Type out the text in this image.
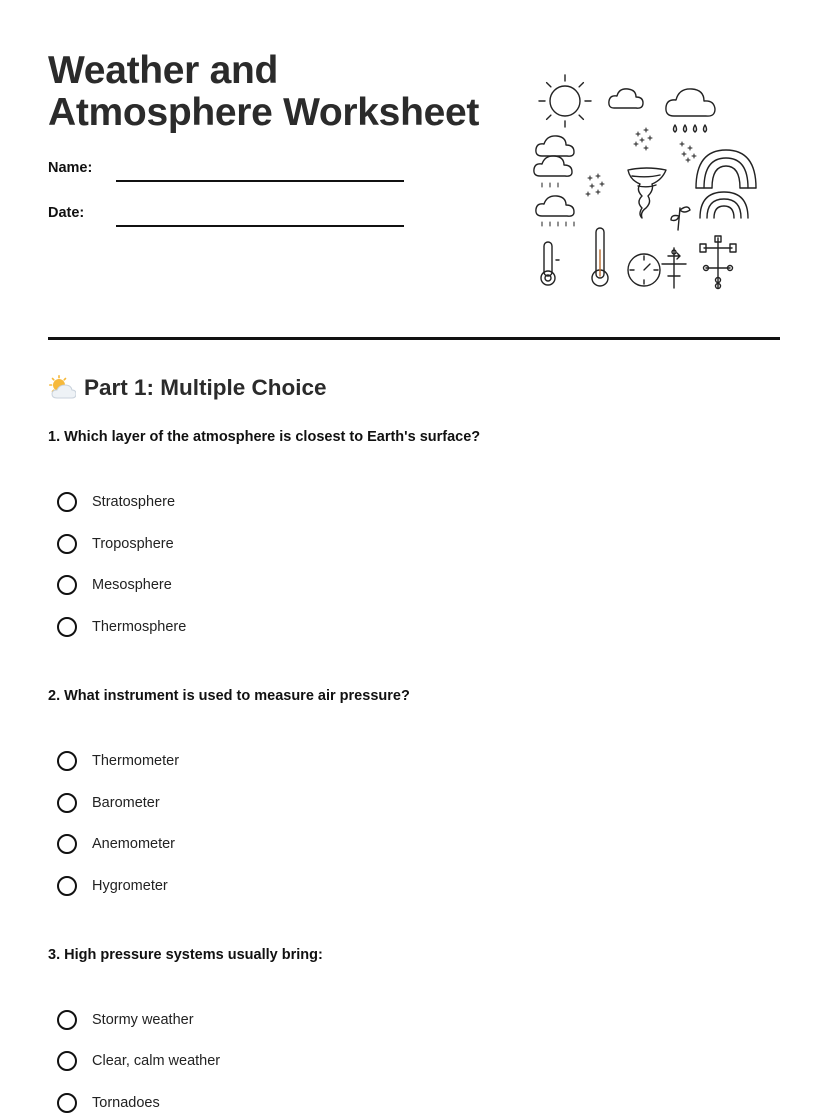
Weather and
Atmosphere Worksheet
Name:
Date:
Part 1: Multiple Choice

1. Which layer of the atmosphere is closest to Earth's surface?

Stratosphere
Troposphere
Mesosphere
Thermosphere

2. What instrument is used to measure air pressure?

Thermometer
Barometer
Anemometer
Hygrometer

3. High pressure systems usually bring:

Stormy weather
Clear, calm weather
Tornadoes
